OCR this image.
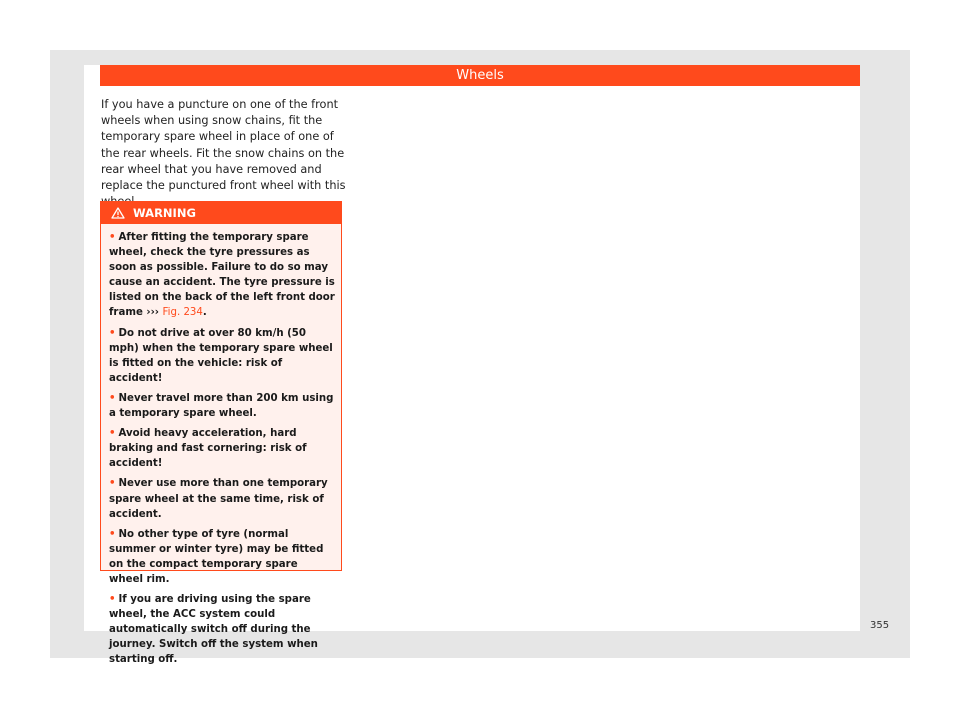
Wheels
If you have a puncture on one of the front wheels when using snow chains, fit the temporary spare wheel in place of one of the rear wheels. Fit the snow chains on the rear wheel that you have removed and replace the punctured front wheel with this
WARNING
• After fitting the temporary spare wheel, check the tyre pressures as soon as possible. Failure to do so may cause an accident. The tyre pressure is listed on the back of the left front door frame ››› Fig. 234.
• Do not drive at over 80 km/h (50 mph) when the temporary spare wheel is fitted on the vehicle: risk of accident!
• Never travel more than 200 km using a temporary spare wheel.
• Avoid heavy acceleration, hard braking and fast cornering: risk of accident!
• Never use more than one temporary spare wheel at the same time, risk of accident.
• No other type of tyre (normal summer or winter tyre) may be fitted on the compact temporary spare wheel rim.
• If you are driving using the spare wheel, the ACC system could automatically switch off during the journey. Switch off the system when starting off.
355
